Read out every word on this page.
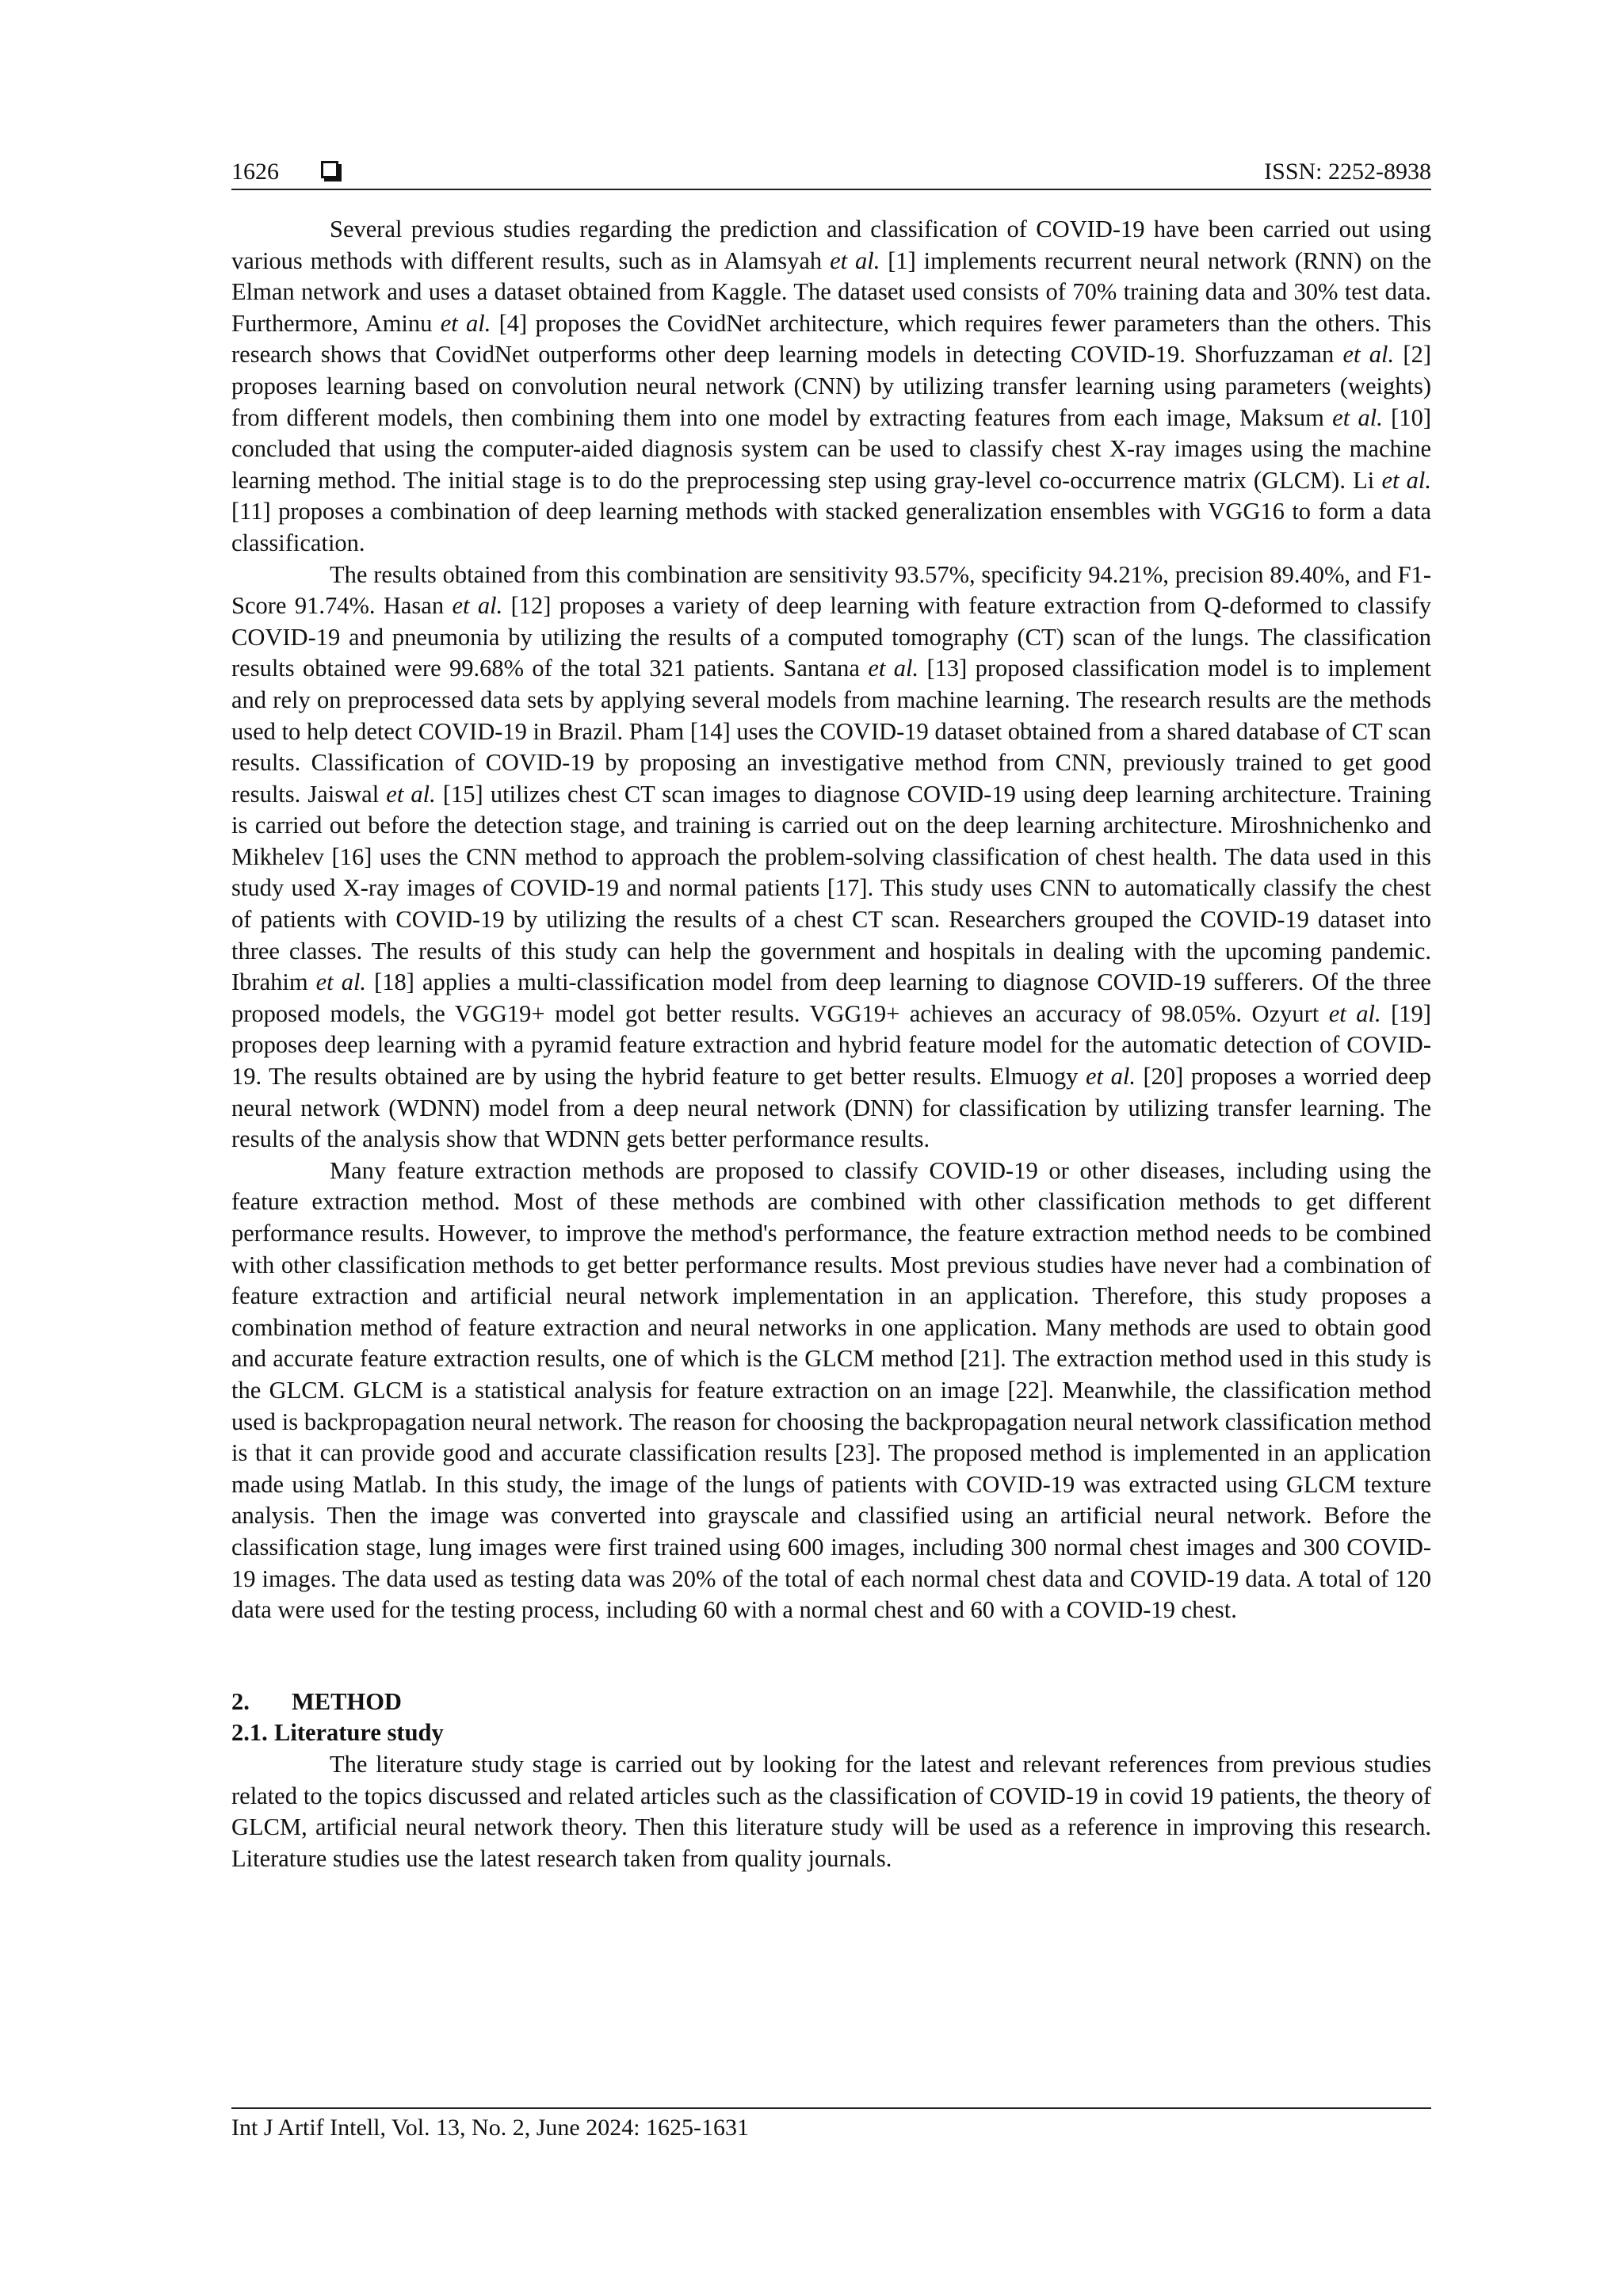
1626	ISSN: 2252-8938

Several previous studies regarding the prediction and classification of COVID-19 have been carried out using various methods with different results, such as in Alamsyah et al. [1] implements recurrent neural network (RNN) on the Elman network and uses a dataset obtained from Kaggle. The dataset used consists of 70% training data and 30% test data. Furthermore, Aminu et al. [4] proposes the CovidNet architecture, which requires fewer parameters than the others. This research shows that CovidNet outperforms other deep learning models in detecting COVID-19. Shorfuzzaman et al. [2] proposes learning based on convolution neural network (CNN) by utilizing transfer learning using parameters (weights) from different models, then combining them into one model by extracting features from each image, Maksum et al. [10] concluded that using the computer-aided diagnosis system can be used to classify chest X-ray images using the machine learning method. The initial stage is to do the preprocessing step using gray-level co-occurrence matrix (GLCM). Li et al. [11] proposes a combination of deep learning methods with stacked generalization ensembles with VGG16 to form a data classification.

The results obtained from this combination are sensitivity 93.57%, specificity 94.21%, precision 89.40%, and F1-Score 91.74%. Hasan et al. [12] proposes a variety of deep learning with feature extraction from Q-deformed to classify COVID-19 and pneumonia by utilizing the results of a computed tomography (CT) scan of the lungs. The classification results obtained were 99.68% of the total 321 patients. Santana et al. [13] proposed classification model is to implement and rely on preprocessed data sets by applying several models from machine learning. The research results are the methods used to help detect COVID-19 in Brazil. Pham [14] uses the COVID-19 dataset obtained from a shared database of CT scan results. Classification of COVID-19 by proposing an investigative method from CNN, previously trained to get good results. Jaiswal et al. [15] utilizes chest CT scan images to diagnose COVID-19 using deep learning architecture. Training is carried out before the detection stage, and training is carried out on the deep learning architecture. Miroshnichenko and Mikhelev [16] uses the CNN method to approach the problem-solving classification of chest health. The data used in this study used X-ray images of COVID-19 and normal patients [17]. This study uses CNN to automatically classify the chest of patients with COVID-19 by utilizing the results of a chest CT scan. Researchers grouped the COVID-19 dataset into three classes. The results of this study can help the government and hospitals in dealing with the upcoming pandemic. Ibrahim et al. [18] applies a multi-classification model from deep learning to diagnose COVID-19 sufferers. Of the three proposed models, the VGG19+ model got better results. VGG19+ achieves an accuracy of 98.05%. Ozyurt et al. [19] proposes deep learning with a pyramid feature extraction and hybrid feature model for the automatic detection of COVID-19. The results obtained are by using the hybrid feature to get better results. Elmuogy et al. [20] proposes a worried deep neural network (WDNN) model from a deep neural network (DNN) for classification by utilizing transfer learning. The results of the analysis show that WDNN gets better performance results.

Many feature extraction methods are proposed to classify COVID-19 or other diseases, including using the feature extraction method. Most of these methods are combined with other classification methods to get different performance results. However, to improve the method's performance, the feature extraction method needs to be combined with other classification methods to get better performance results. Most previous studies have never had a combination of feature extraction and artificial neural network implementation in an application. Therefore, this study proposes a combination method of feature extraction and neural networks in one application. Many methods are used to obtain good and accurate feature extraction results, one of which is the GLCM method [21]. The extraction method used in this study is the GLCM. GLCM is a statistical analysis for feature extraction on an image [22]. Meanwhile, the classification method used is backpropagation neural network. The reason for choosing the backpropagation neural network classification method is that it can provide good and accurate classification results [23]. The proposed method is implemented in an application made using Matlab. In this study, the image of the lungs of patients with COVID-19 was extracted using GLCM texture analysis. Then the image was converted into grayscale and classified using an artificial neural network. Before the classification stage, lung images were first trained using 600 images, including 300 normal chest images and 300 COVID-19 images. The data used as testing data was 20% of the total of each normal chest data and COVID-19 data. A total of 120 data were used for the testing process, including 60 with a normal chest and 60 with a COVID-19 chest.

2. METHOD
2.1. Literature study

The literature study stage is carried out by looking for the latest and relevant references from previous studies related to the topics discussed and related articles such as the classification of COVID-19 in covid 19 patients, the theory of GLCM, artificial neural network theory. Then this literature study will be used as a reference in improving this research. Literature studies use the latest research taken from quality journals.

Int J Artif Intell, Vol. 13, No. 2, June 2024: 1625-1631
